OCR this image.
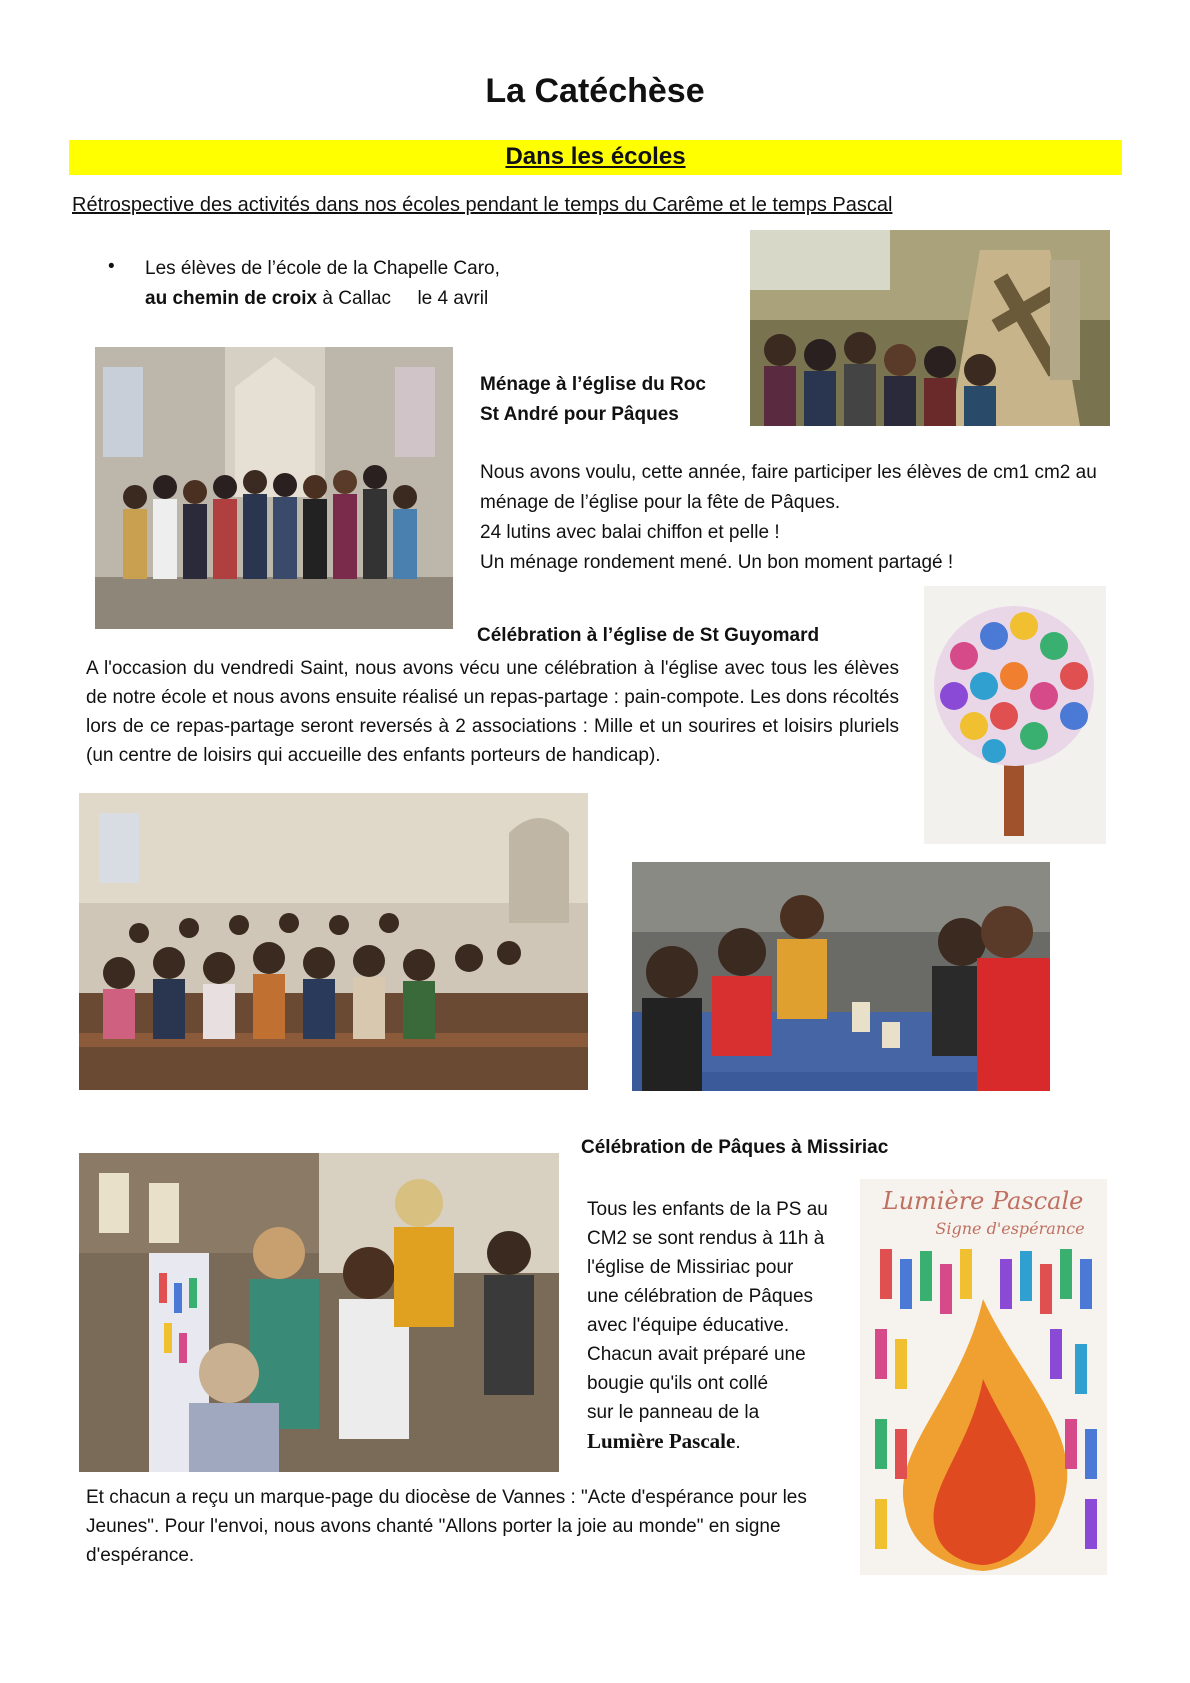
La Catéchèse
Dans les écoles
Rétrospective des activités dans nos écoles pendant le temps du Carême et le temps Pascal
• Les élèves de l’école de la Chapelle Caro,
au chemin de croix à Callac     le 4 avril
Ménage à l’église du Roc
St André pour Pâques
Nous avons voulu, cette année, faire participer les élèves de cm1 cm2 au
ménage de l’église pour la fête de Pâques.
24 lutins avec balai chiffon et pelle !
Un ménage rondement mené. Un bon moment partagé !
Célébration à l’église de St Guyomard
A l'occasion du vendredi Saint, nous avons vécu une célébration à l'église avec tous les élèves de notre école et nous avons ensuite réalisé un repas-partage : pain-compote. Les dons récoltés lors de ce repas-partage seront reversés à 2 associations : Mille et un sourires et loisirs pluriels (un centre de loisirs qui accueille des enfants porteurs de handicap).
Célébration de Pâques à Missiriac
Tous les enfants de la PS au
CM2 se sont rendus à 11h à
l'église de Missiriac pour
une célébration de Pâques
avec l'équipe éducative.
Chacun avait préparé une
bougie qu'ils ont collé
sur le panneau de la
Lumière Pascale.
Lumière Pascale
Signe d'espérance
Et chacun a reçu un marque-page du diocèse de Vannes : "Acte d'espérance pour les Jeunes". Pour l'envoi, nous avons chanté "Allons porter la joie au monde" en signe d'espérance.
